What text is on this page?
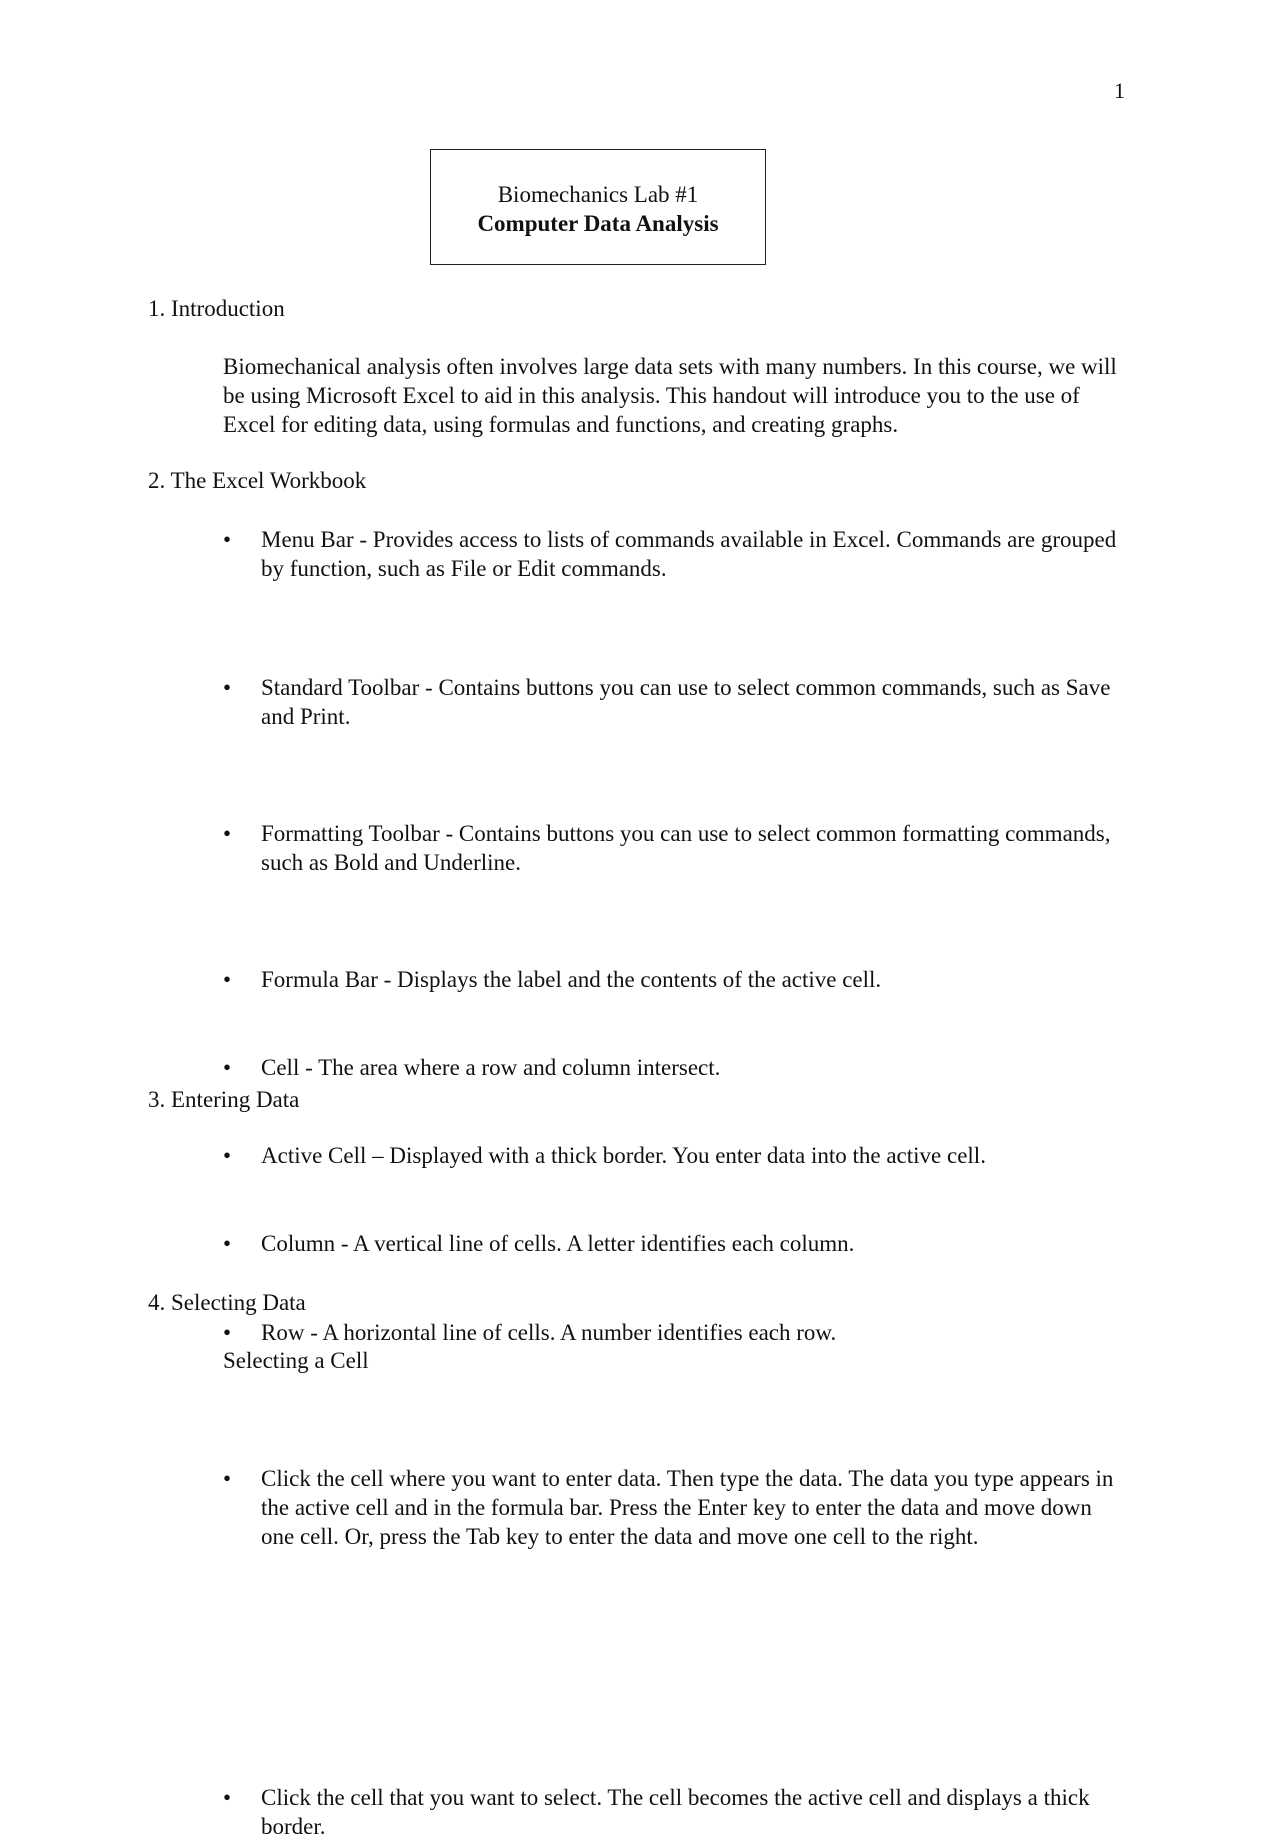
1
Biomechanics Lab #1
Computer Data Analysis
1. Introduction
Biomechanical analysis often involves large data sets with many numbers. In this course, we will be using Microsoft Excel to aid in this analysis. This handout will introduce you to the use of Excel for editing data, using formulas and functions, and creating graphs.
2. The Excel Workbook
• Menu Bar - Provides access to lists of commands available in Excel. Commands are grouped by function, such as File or Edit commands.
• Standard Toolbar - Contains buttons you can use to select common commands, such as Save and Print.
• Formatting Toolbar - Contains buttons you can use to select common formatting commands, such as Bold and Underline.
• Formula Bar - Displays the label and the contents of the active cell.
• Cell - The area where a row and column intersect.
• Active Cell – Displayed with a thick border. You enter data into the active cell.
• Column - A vertical line of cells. A letter identifies each column.
• Row - A horizontal line of cells. A number identifies each row.
3. Entering Data
• Click the cell where you want to enter data. Then type the data. The data you type appears in the active cell and in the formula bar. Press the Enter key to enter the data and move down one cell. Or, press the Tab key to enter the data and move one cell to the right.
4. Selecting Data
Selecting a Cell
• Click the cell that you want to select. The cell becomes the active cell and displays a thick border.
